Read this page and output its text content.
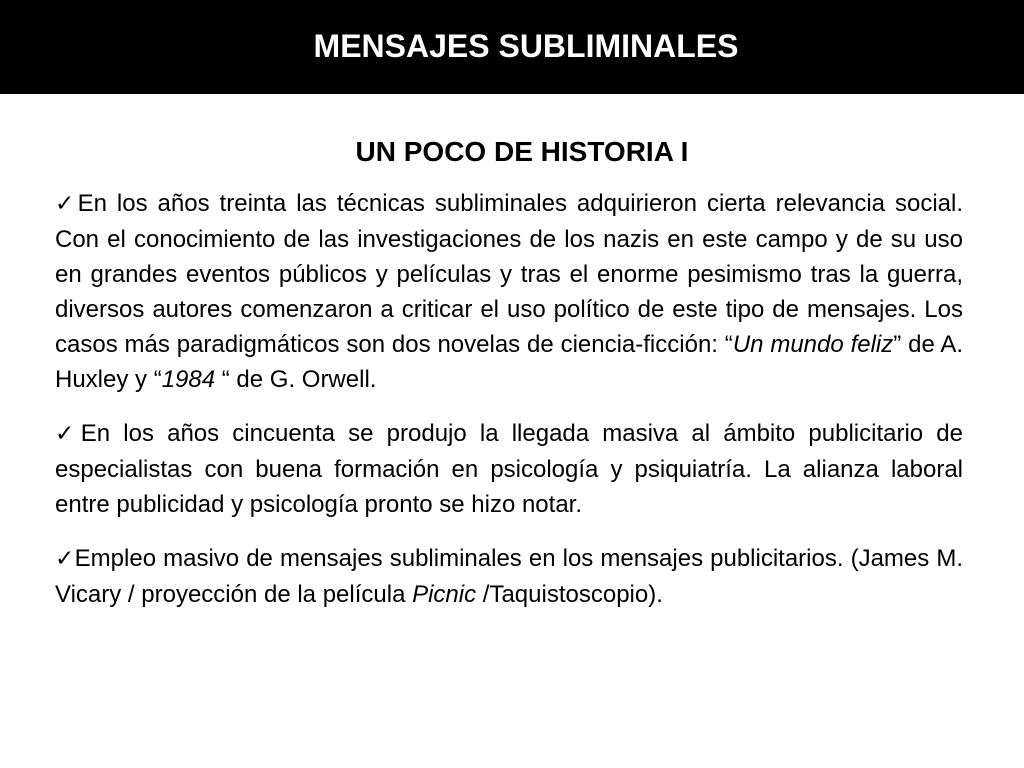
MENSAJES SUBLIMINALES
UN POCO DE HISTORIA I

✓En los años treinta las técnicas subliminales adquirieron cierta relevancia social. Con el conocimiento de las investigaciones de los nazis en este campo y de su uso en grandes eventos públicos y películas y tras el enorme pesimismo tras la guerra, diversos autores comenzaron a criticar el uso político de este tipo de mensajes. Los casos más paradigmáticos son dos novelas de ciencia-ficción: “Un mundo feliz” de A. Huxley y “1984 “ de G. Orwell.

✓En los años cincuenta se produjo la llegada masiva al ámbito publicitario de especialistas con buena formación en psicología y psiquiatría. La alianza laboral entre publicidad y psicología pronto se hizo notar.

✓Empleo masivo de mensajes subliminales en los mensajes publicitarios. (James M. Vicary / proyección de la película Picnic /Taquistoscopio).
